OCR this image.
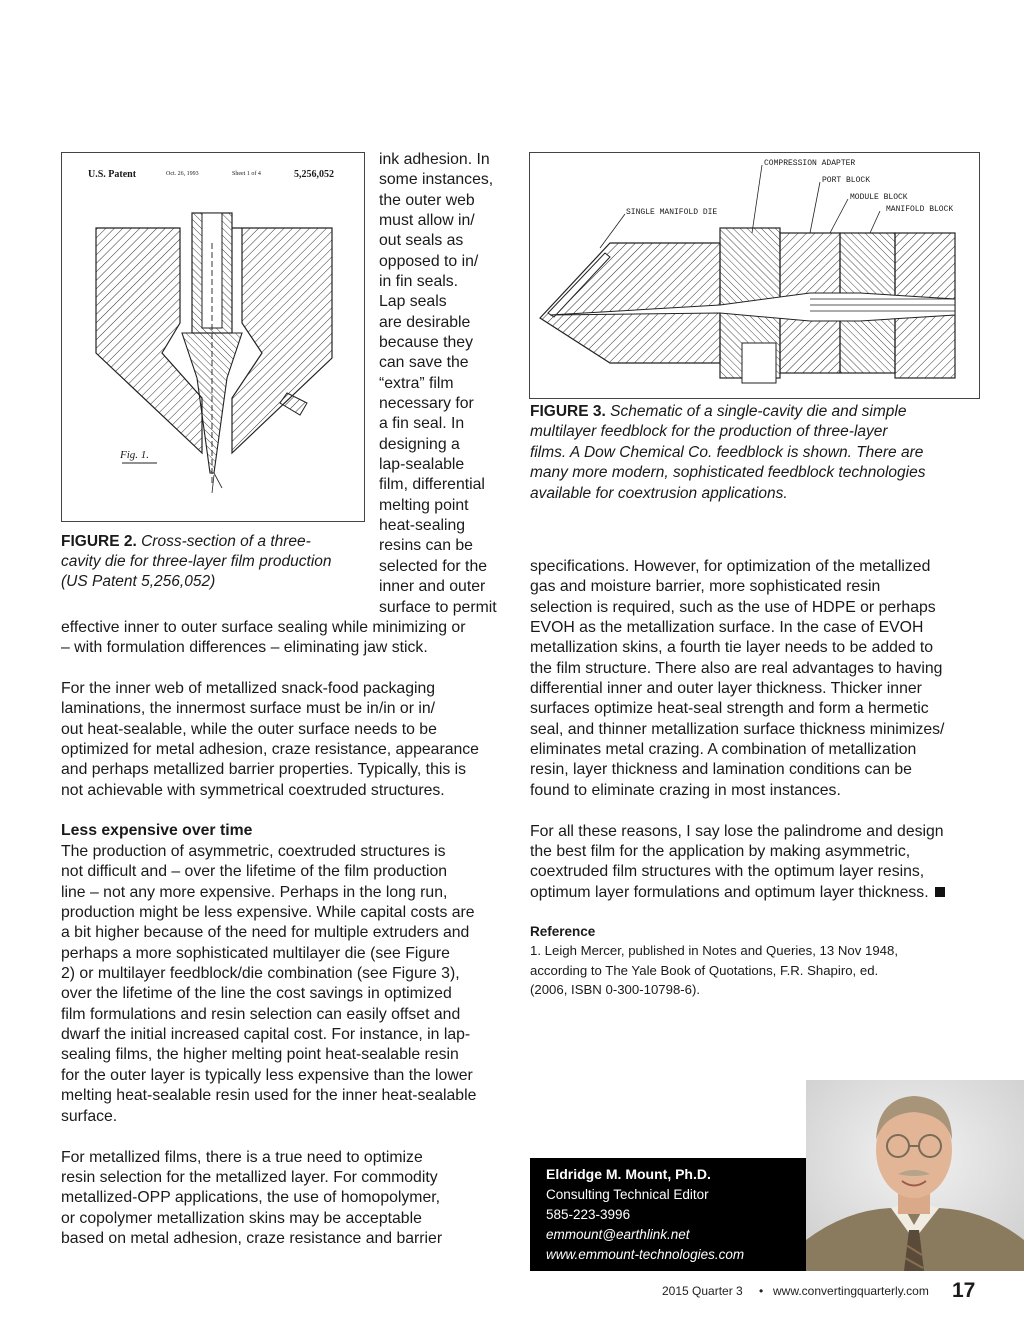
U.S. Patent	Oct. 26, 1993	Sheet 1 of 4	5,256,052
Fig. 1.
FIGURE 2. Cross-section of a three-
cavity die for three-layer film production
(US Patent 5,256,052)
ink adhesion. In
some instances,
the outer web
must allow in/
out seals as
opposed to in/
in fin seals.
Lap seals
are desirable
because they
can save the
“extra” film
necessary for
a fin seal. In
designing a
lap-sealable
film, differential
melting point
heat-sealing
resins can be
selected for the
inner and outer
surface to permit
effective inner to outer surface sealing while minimizing or
– with formulation differences – eliminating jaw stick.
For the inner web of metallized snack-food packaging
laminations, the innermost surface must be in/in or in/
out heat-sealable, while the outer surface needs to be
optimized for metal adhesion, craze resistance, appearance
and perhaps metallized barrier properties. Typically, this is
not achievable with symmetrical coextruded structures.
Less expensive over time
The production of asymmetric, coextruded structures is
not difficult and – over the lifetime of the film production
line – not any more expensive. Perhaps in the long run,
production might be less expensive. While capital costs are
a bit higher because of the need for multiple extruders and
perhaps a more sophisticated multilayer die (see Figure
2) or multilayer feedblock/die combination (see Figure 3),
over the lifetime of the line the cost savings in optimized
film formulations and resin selection can easily offset and
dwarf the initial increased capital cost. For instance, in lap-
sealing films, the higher melting point heat-sealable resin
for the outer layer is typically less expensive than the lower
melting heat-sealable resin used for the inner heat-sealable
surface.
For metallized films, there is a true need to optimize
resin selection for the metallized layer. For commodity
metallized-OPP applications, the use of homopolymer,
or copolymer metallization skins may be acceptable
based on metal adhesion, craze resistance and barrier
COMPRESSION ADAPTER
PORT BLOCK
MODULE BLOCK
MANIFOLD BLOCK
SINGLE MANIFOLD DIE
FIGURE 3. Schematic of a single-cavity die and simple
multilayer feedblock for the production of three-layer
films. A Dow Chemical Co. feedblock is shown. There are
many more modern, sophisticated feedblock technologies
available for coextrusion applications.
specifications. However, for optimization of the metallized
gas and moisture barrier, more sophisticated resin
selection is required, such as the use of HDPE or perhaps
EVOH as the metallization surface. In the case of EVOH
metallization skins, a fourth tie layer needs to be added to
the film structure. There also are real advantages to having
differential inner and outer layer thickness. Thicker inner
surfaces optimize heat-seal strength and form a hermetic
seal, and thinner metallization surface thickness minimizes/
eliminates metal crazing. A combination of metallization
resin, layer thickness and lamination conditions can be
found to eliminate crazing in most instances.
For all these reasons, I say lose the palindrome and design
the best film for the application by making asymmetric,
coextruded film structures with the optimum layer resins,
optimum layer formulations and optimum layer thickness.
Reference
1. Leigh Mercer, published in Notes and Queries, 13 Nov 1948,
according to The Yale Book of Quotations, F.R. Shapiro, ed.
(2006, ISBN 0-300-10798-6).
Eldridge M. Mount, Ph.D.
Consulting Technical Editor
585-223-3996
emmount@earthlink.net
www.emmount-technologies.com
2015 Quarter 3 • www.convertingquarterly.com 17
